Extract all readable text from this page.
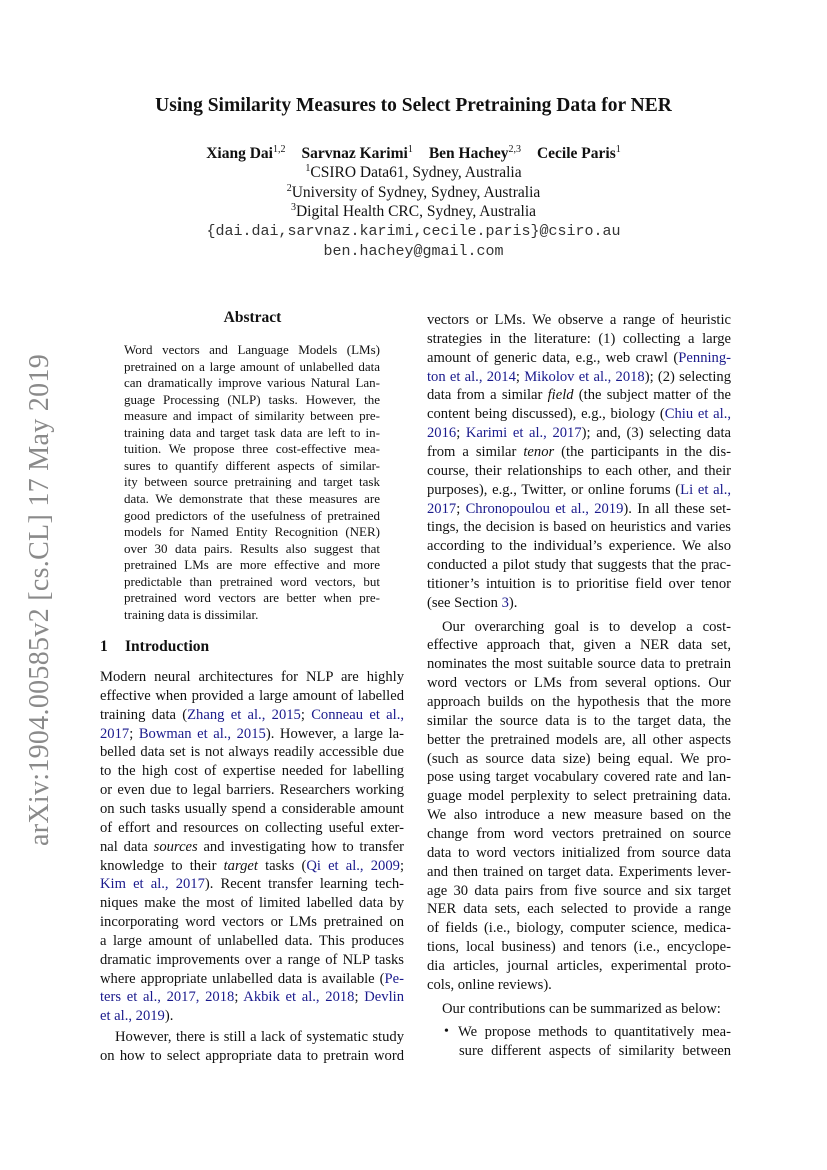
arXiv:1904.00585v2 [cs.CL] 17 May 2019
Using Similarity Measures to Select Pretraining Data for NER
Xiang Dai$^{1,2}$ Sarvnaz Karimi$^1$ Ben Hachey$^{2,3}$ Cecile Paris$^1$
$^1$CSIRO Data61, Sydney, Australia
$^2$University of Sydney, Sydney, Australia
$^3$Digital Health CRC, Sydney, Australia
{dai.dai,sarvnaz.karimi,cecile.paris}@csiro.au
ben.hachey@gmail.com
Abstract
Word vectors and Language Models (LMs)
pretrained on a large amount of unlabelled data
can dramatically improve various Natural Lan-
guage Processing (NLP) tasks. However, the
measure and impact of similarity between pre-
training data and target task data are left to in-
tuition. We propose three cost-effective mea-
sures to quantify different aspects of similar-
ity between source pretraining and target task
data. We demonstrate that these measures are
good predictors of the usefulness of pretrained
models for Named Entity Recognition (NER)
over 30 data pairs. Results also suggest that
pretrained LMs are more effective and more
predictable than pretrained word vectors, but
pretrained word vectors are better when pre-
training data is dissimilar.
1 Introduction
Modern neural architectures for NLP are highly
effective when provided a large amount of labelled
training data (Zhang et al., 2015; Conneau et al.,
2017; Bowman et al., 2015). However, a large la-
belled data set is not always readily accessible due
to the high cost of expertise needed for labelling
or even due to legal barriers. Researchers working
on such tasks usually spend a considerable amount
of effort and resources on collecting useful exter-
nal data sources and investigating how to transfer
knowledge to their target tasks (Qi et al., 2009;
Kim et al., 2017). Recent transfer learning tech-
niques make the most of limited labelled data by
incorporating word vectors or LMs pretrained on
a large amount of unlabelled data. This produces
dramatic improvements over a range of NLP tasks
where appropriate unlabelled data is available (Pe-
ters et al., 2017, 2018; Akbik et al., 2018; Devlin
et al., 2019).
However, there is still a lack of systematic study
on how to select appropriate data to pretrain word
vectors or LMs. We observe a range of heuristic
strategies in the literature: (1) collecting a large
amount of generic data, e.g., web crawl (Penning-
ton et al., 2014; Mikolov et al., 2018); (2) selecting
data from a similar field (the subject matter of the
content being discussed), e.g., biology (Chiu et al.,
2016; Karimi et al., 2017); and, (3) selecting data
from a similar tenor (the participants in the dis-
course, their relationships to each other, and their
purposes), e.g., Twitter, or online forums (Li et al.,
2017; Chronopoulou et al., 2019). In all these set-
tings, the decision is based on heuristics and varies
according to the individual’s experience. We also
conducted a pilot study that suggests that the prac-
titioner’s intuition is to prioritise field over tenor
(see Section 3).
Our overarching goal is to develop a cost-
effective approach that, given a NER data set,
nominates the most suitable source data to pretrain
word vectors or LMs from several options. Our
approach builds on the hypothesis that the more
similar the source data is to the target data, the
better the pretrained models are, all other aspects
(such as source data size) being equal. We pro-
pose using target vocabulary covered rate and lan-
guage model perplexity to select pretraining data.
We also introduce a new measure based on the
change from word vectors pretrained on source
data to word vectors initialized from source data
and then trained on target data. Experiments lever-
age 30 data pairs from five source and six target
NER data sets, each selected to provide a range
of fields (i.e., biology, computer science, medica-
tions, local business) and tenors (i.e., encyclope-
dia articles, journal articles, experimental proto-
cols, online reviews).
Our contributions can be summarized as below:
We propose methods to quantitatively mea-
•
sure different aspects of similarity between
